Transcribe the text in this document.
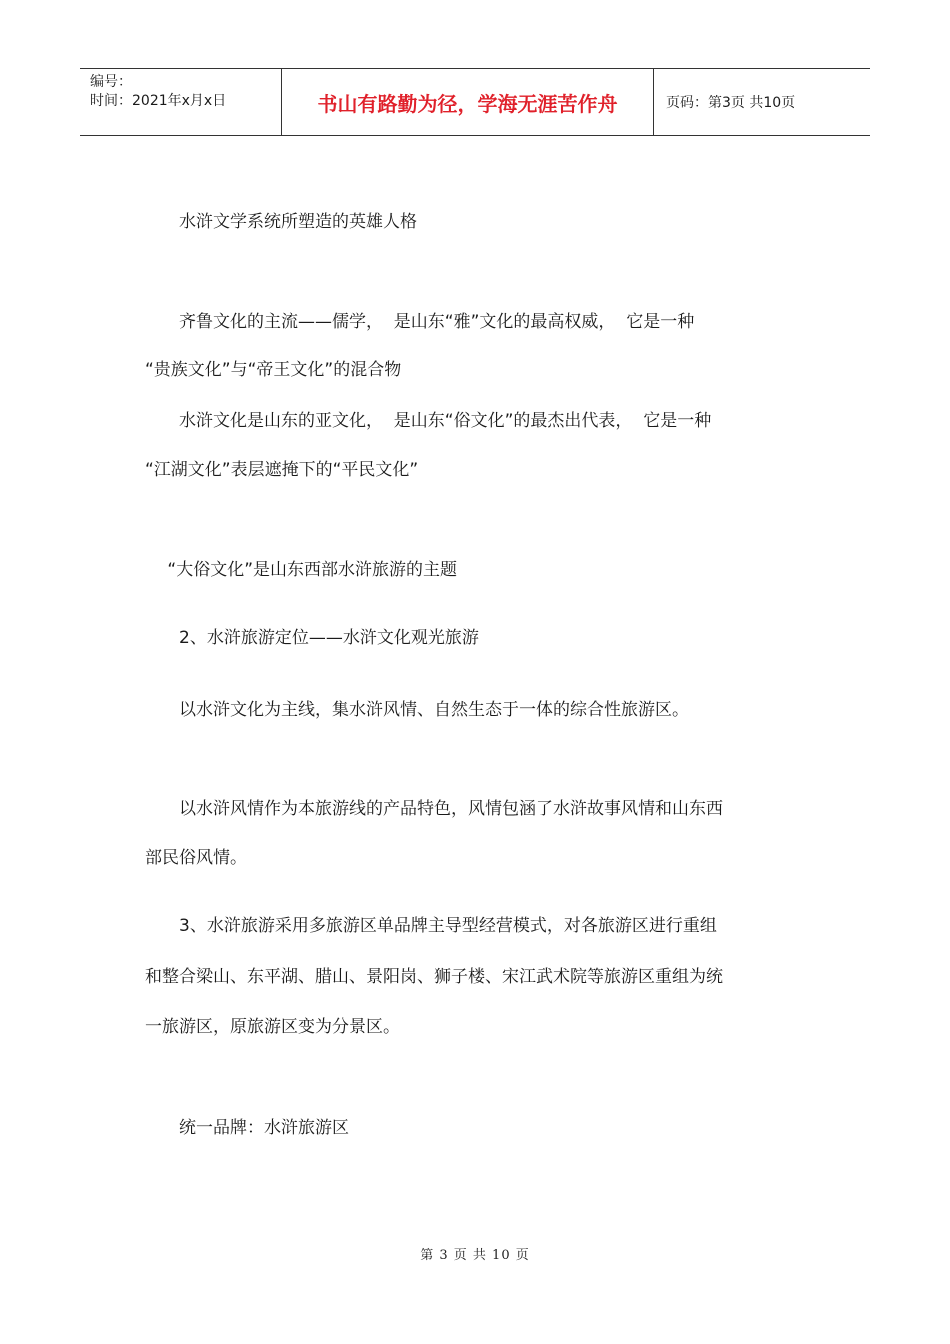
编号：
时间：2021年x月x日	书山有路勤为径，学海无涯苦作舟	页码：第3页 共10页

　　水浒文学系统所塑造的英雄人格

　　齐鲁文化的主流——儒学，  是山东“雅”文化的最高权威，  它是一种

“贵族文化”与“帝王文化”的混合物

　　水浒文化是山东的亚文化，  是山东“俗文化”的最杰出代表，  它是一种

“江湖文化”表层遮掩下的“平民文化”

　 “大俗文化”是山东西部水浒旅游的主题

　　2、水浒旅游定位——水浒文化观光旅游

　　以水浒文化为主线，集水浒风情、自然生态于一体的综合性旅游区。

　　以水浒风情作为本旅游线的产品特色，风情包涵了水浒故事风情和山东西

部民俗风情。

　　3、水浒旅游采用多旅游区单品牌主导型经营模式，对各旅游区进行重组

和整合梁山、东平湖、腊山、景阳岗、狮子楼、宋江武术院等旅游区重组为统

一旅游区，原旅游区变为分景区。

　　统一品牌：水浒旅游区

第 3 页 共 10 页
